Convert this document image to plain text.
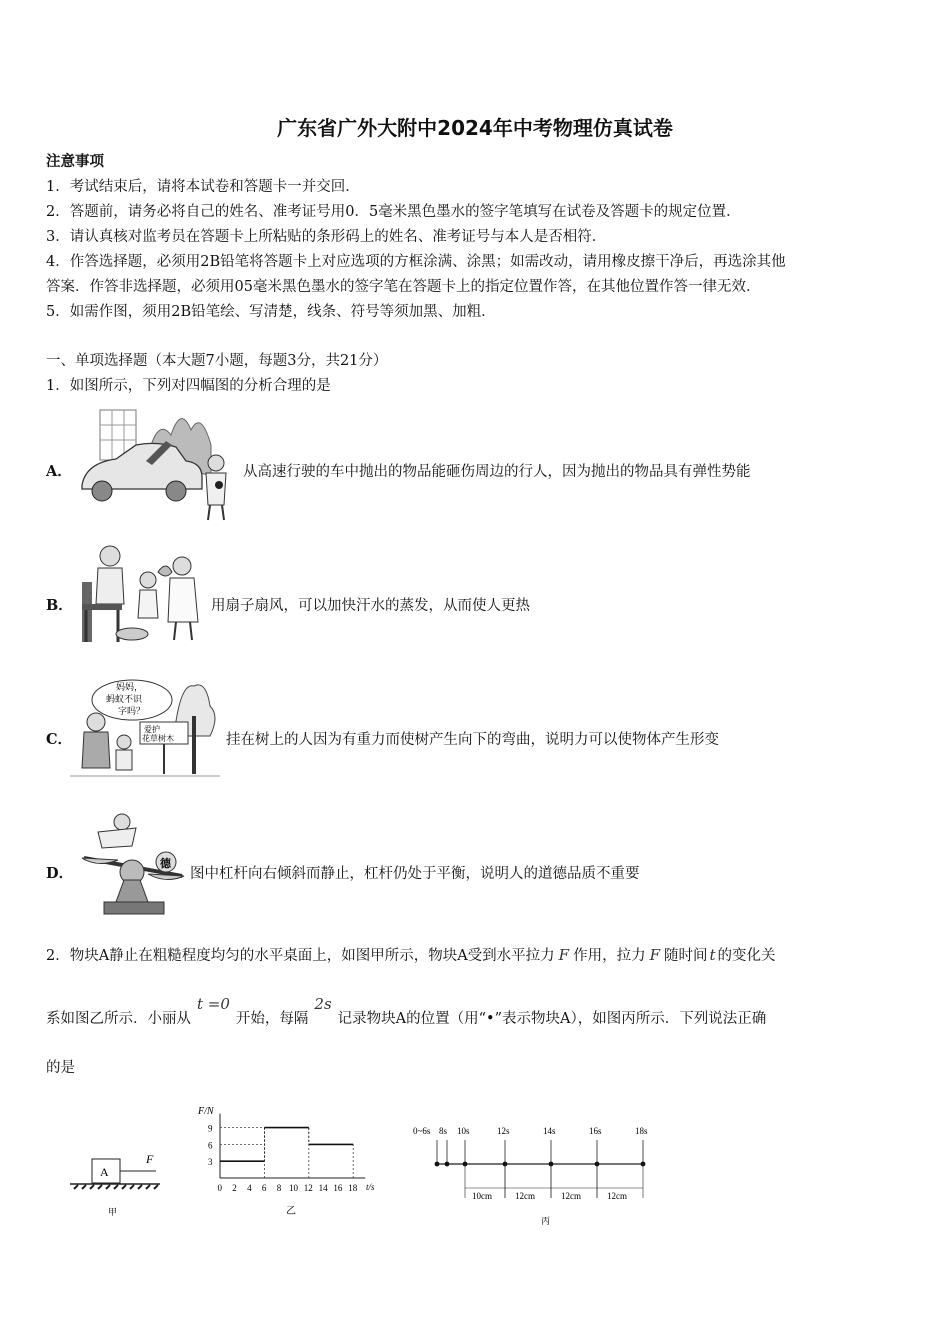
广东省广外大附中2024年中考物理仿真试卷
注意事项
1．考试结束后，请将本试卷和答题卡一并交回．
2．答题前，请务必将自己的姓名、准考证号用0．5毫米黑色墨水的签字笔填写在试卷及答题卡的规定位置．
3．请认真核对监考员在答题卡上所粘贴的条形码上的姓名、准考证号与本人是否相符．
4．作答选择题，必须用2B铅笔将答题卡上对应选项的方框涂满、涂黑；如需改动，请用橡皮擦干净后，再选涂其他
答案．作答非选择题，必须用05毫米黑色墨水的签字笔在答题卡上的指定位置作答，在其他位置作答一律无效．
5．如需作图，须用2B铅笔绘、写清楚，线条、符号等须加黑、加粗．
一、单项选择题（本大题7小题，每题3分，共21分）
1．如图所示，下列对四幅图的分析合理的是
A．	从高速行驶的车中抛出的物品能砸伤周边的行人，因为抛出的物品具有弹性势能
B．	用扇子扇风，可以加快汗水的蒸发，从而使人更热
C．
妈妈，
蚂蚁不识
字吗？
爱护
花草树木	挂在树上的人因为有重力而使树产生向下的弯曲，说明力可以使物体产生形变
D．
德
图中杠杆向右倾斜而静止，杠杆仍处于平衡，说明人的道德品质不重要
2．物块A静止在粗糙程度均匀的水平桌面上，如图甲所示，物块A受到水平拉力 F 作用，拉力 F 随时间 t 的变化关
系如图乙所示．小丽从t =0开始，每隔2s记录物块A的位置（用“•”表示物块A），如图丙所示．下列说法正确
的是
A
F
甲
3
6
9
0 2 4 6 8 10 12 14 16 18
F/N
t/s
乙
0~6s 8s 10s	12s	14s	16s	18s
10cm	12cm	12cm	12cm
丙
